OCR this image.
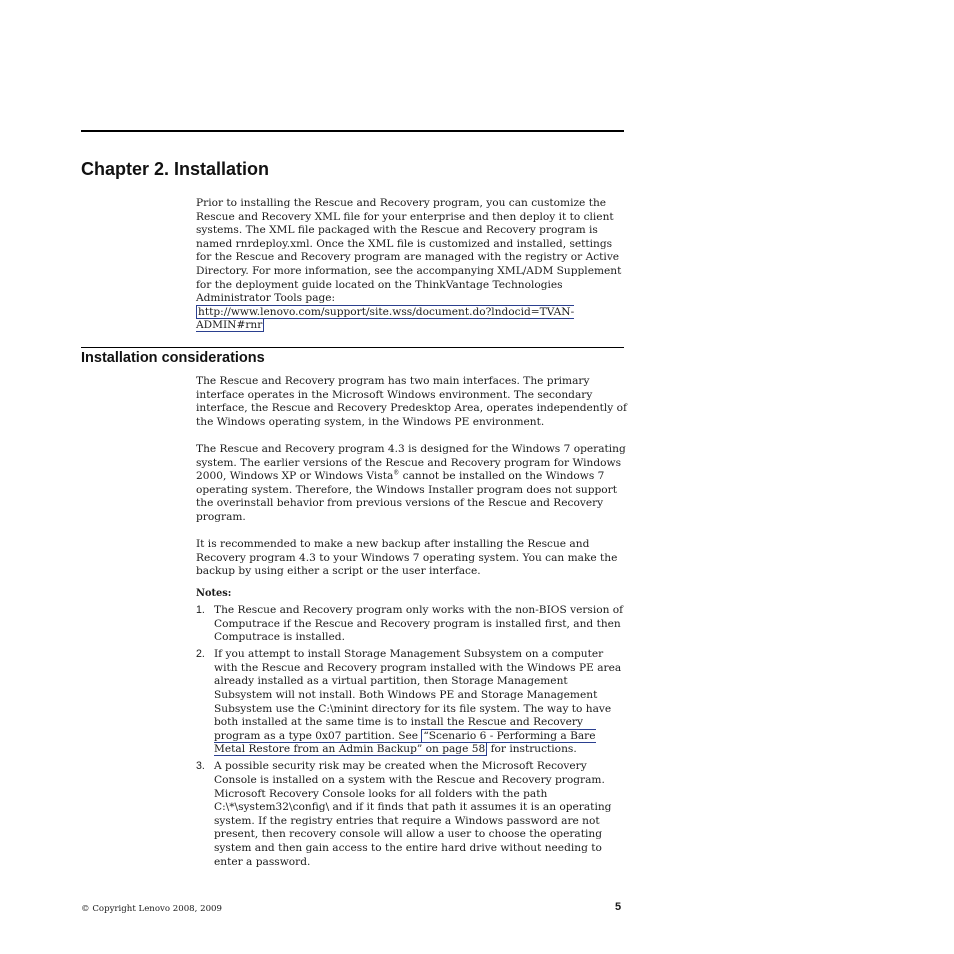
Chapter 2. Installation

Prior to installing the Rescue and Recovery program, you can customize the Rescue and Recovery XML file for your enterprise and then deploy it to client systems. The XML file packaged with the Rescue and Recovery program is named rnrdeploy.xml. Once the XML file is customized and installed, settings for the Rescue and Recovery program are managed with the registry or Active Directory. For more information, see the accompanying XML/ADM Supplement for the deployment guide located on the ThinkVantage Technologies Administrator Tools page: http://www.lenovo.com/support/site.wss/document.do?lndocid=TVAN-ADMIN#rnr

Installation considerations

The Rescue and Recovery program has two main interfaces. The primary interface operates in the Microsoft Windows environment. The secondary interface, the Rescue and Recovery Predesktop Area, operates independently of the Windows operating system, in the Windows PE environment.

The Rescue and Recovery program 4.3 is designed for the Windows 7 operating system. The earlier versions of the Rescue and Recovery program for Windows 2000, Windows XP or Windows Vista® cannot be installed on the Windows 7 operating system. Therefore, the Windows Installer program does not support the overinstall behavior from previous versions of the Rescue and Recovery program.

It is recommended to make a new backup after installing the Rescue and Recovery program 4.3 to your Windows 7 operating system. You can make the backup by using either a script or the user interface.

Notes:
1. The Rescue and Recovery program only works with the non-BIOS version of Computrace if the Rescue and Recovery program is installed first, and then Computrace is installed.
2. If you attempt to install Storage Management Subsystem on a computer with the Rescue and Recovery program installed with the Windows PE area already installed as a virtual partition, then Storage Management Subsystem will not install. Both Windows PE and Storage Management Subsystem use the C:\minint directory for its file system. The way to have both installed at the same time is to install the Rescue and Recovery program as a type 0x07 partition. See “Scenario 6 - Performing a Bare Metal Restore from an Admin Backup” on page 58 for instructions.
3. A possible security risk may be created when the Microsoft Recovery Console is installed on a system with the Rescue and Recovery program. Microsoft Recovery Console looks for all folders with the path C:\*\system32\config\ and if it finds that path it assumes it is an operating system. If the registry entries that require a Windows password are not present, then recovery console will allow a user to choose the operating system and then gain access to the entire hard drive without needing to enter a password.
© Copyright Lenovo 2008, 2009	5
